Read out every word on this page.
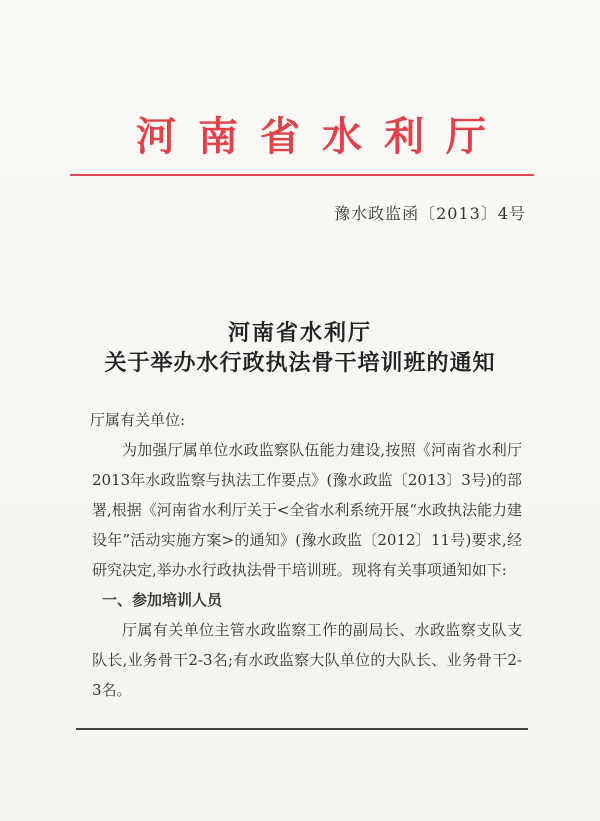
河南省水利厅
豫水政监函〔2013〕4号
河南省水利厅
关于举办水行政执法骨干培训班的通知

厅属有关单位:

为加强厅属单位水政监察队伍能力建设,按照《河南省水利厅2013年水政监察与执法工作要点》(豫水政监〔2013〕3号)的部署,根据《河南省水利厅关于<全省水利系统开展“水政执法能力建设年”活动实施方案>的通知》(豫水政监〔2012〕11号)要求,经研究决定,举办水行政执法骨干培训班。现将有关事项通知如下:

一、参加培训人员

厅属有关单位主管水政监察工作的副局长、水政监察支队支队长,业务骨干2-3名;有水政监察大队单位的大队长、业务骨干2-3名。
